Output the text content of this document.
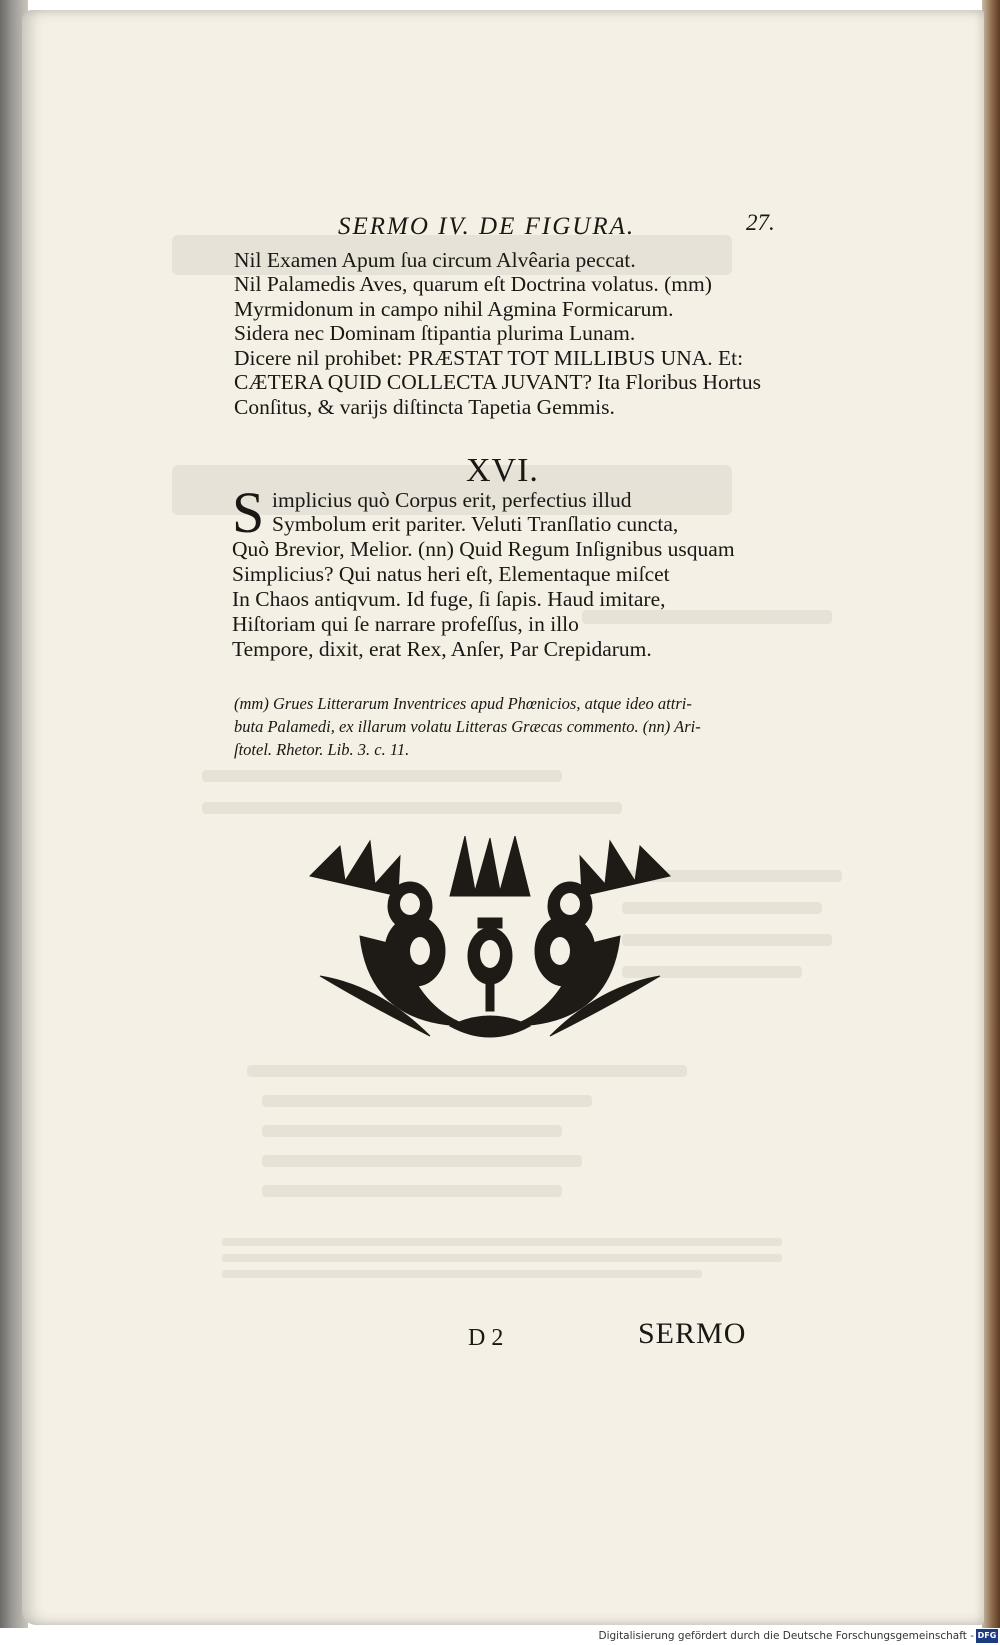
SERMO IV. DE FIGURA.	27.
Nil Examen Apum ſua circum Alvêaria peccat.
Nil Palamedis Aves, quarum eſt Doctrina volatus. (mm)
Myrmidonum in campo nihil Agmina Formicarum.
Sidera nec Dominam ſtipantia plurima Lunam.
Dicere nil prohibet: PRÆSTAT TOT MILLIBUS UNA. Et:
CÆTERA QUID COLLECTA JUVANT? Ita Floribus Hortus
Conſitus, & varijs diſtincta Tapetia Gemmis.
XVI.
S implicius quò Corpus erit, perfectius illud
Symbolum erit pariter. Veluti Tranſlatio cuncta,
Quò Brevior, Melior. (nn) Quid Regum Inſignibus usquam
Simplicius? Qui natus heri eſt, Elementaque miſcet
In Chaos antiqvum. Id fuge, ſi ſapis. Haud imitare,
Hiſtoriam qui ſe narrare profeſſus, in illo
Tempore, dixit, erat Rex, Anſer, Par Crepidarum.
(mm) Grues Litterarum Inventrices apud Phœnicios, atque ideo attri-
buta Palamedi, ex illarum volatu Litteras Græcas commento. (nn) Ari-
ſtotel. Rhetor. Lib. 3. c. 11.
D 2	SERMO
Digitalisierung gefördert durch die Deutsche Forschungsgemeinschaft - DFG
